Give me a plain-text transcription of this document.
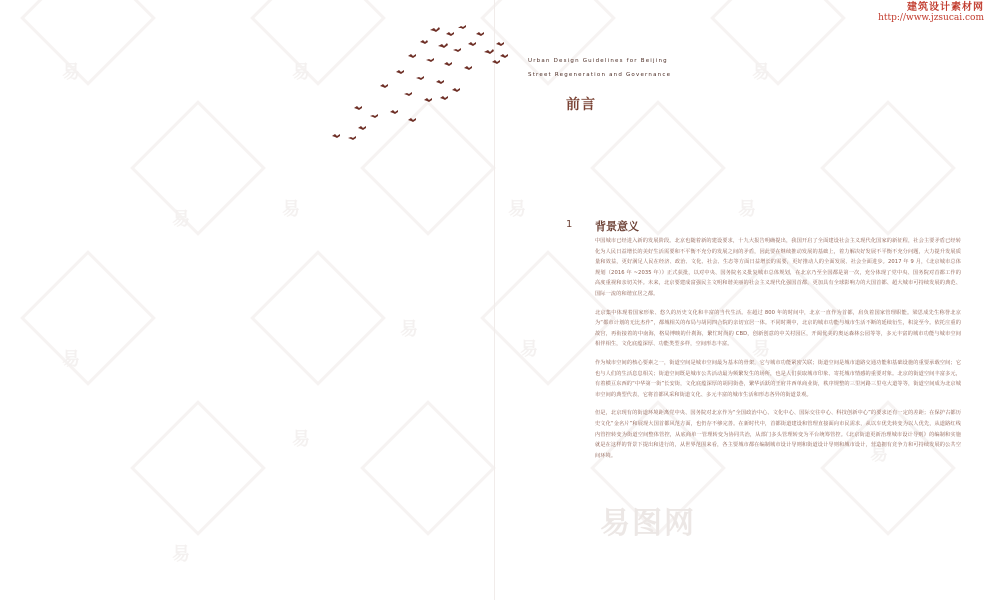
易	易	易
易	易	易	易
易
易
易	易
易
易
易
易图网
建筑设计素材网
http://www.jzsucai.com
Urban Design Guidelines for Beijing
Street Regeneration and Governance
前言
1 背景意义

中国城市已经进入新的发展阶段。北京也随着新的建设要求，十九大报告明确提出，我国开启了全面建设社会主义现代化国家的新征程，社会主要矛盾已经转化为人民日益增长的美好生活需要和不平衡不充分的发展之间的矛盾，因此要在继续推动发展的基础上，着力解决好发展不平衡不充分问题，大力提升发展质量和效益，更好满足人民在经济、政治、文化、社会、生态等方面日益增长的需要，更好推动人的全面发展、社会全面进步。2017 年 9 月，《北京城市总体规划（2016 年 ~2035 年）》正式获批，以对中央、国务院名义批复城市总体规划，在北京乃至全国都是第一次，充分体现了党中央、国务院对首都工作的高度重视和亲切关怀。未来，北京要建成富强民主文明和谐美丽的社会主义现代化强国首都，更加具有全球影响力的大国首都、超大城市可持续发展的典范、国际一流的和谐宜居之都。

北京集中体现着国家形象、悠久的历史文化和丰富的当代生活。在超过 800 年的时间中，北京一直作为首都，肩负着国家管理职能。梁思成先生称誉北京为“都市计划的无比杰作”，都城相关的布局与胡同四合院的亲切宜居一体。不同时期中，北京的城市功能与城市生活不断的延续衍生，积淀至今。依托庄重的故宫，再衔接着的中南海，格局博映的什刹海，繁忙时尚的 CBD，创新创意的中关村园区，开阔优美的奥运森林公园等等，多元丰富的城市功能与城市空间相伴相生，文化底蕴深厚、功能类型多样，空间形态丰富。

作为城市空间的核心要素之一，街道空间是城市空间最为基本的骨架，它与城市功能紧密关联；街道空间是城市道路交通功能和基础设施的重要承载空间；它也与人们的生活息息相关；街道空间既是城市公共活动最为频繁发生的场所，也是人们获取城市印象、寄托城市情感的重要对象。北京的街道空间丰富多元，有着横亘东西的“中华第一街”长安街，文化底蕴深厚的胡同街巷，繁华活跃的王府井西单商业街，秩序规整的三里河路三里屯大道等等，街道空间成为北京城市空间的典型代表，它将首都风采和街道文化、多元丰富的城市生活和形态各异的街道景观。

但是，北京现有的街道环境距离党中央、国务院对北京作为“全国政治中心、文化中心、国际交往中心、科技创新中心”的要求还有一定的差距；在保护古都历史文化“金名片”和展现大国首都风范方面，也仍存不够完善。在新时代中，首都街道建设和管理直接面向市民需求，从以车优先转变为以人优先，从道路红线内管控转变为街道空间整体管控，从底商单一管理转变为协同共治，从部门多头管理转变为平台统筹管控。《北京街道更新治理城市设计导则》的编制和实施就是在这样的背景下提出和进行的，从世界范围来看，各主要城市都在编制城市设计导则和街道设计导则和城市设计，营造拥有竞争力和可持续发展的公共空间环境。
